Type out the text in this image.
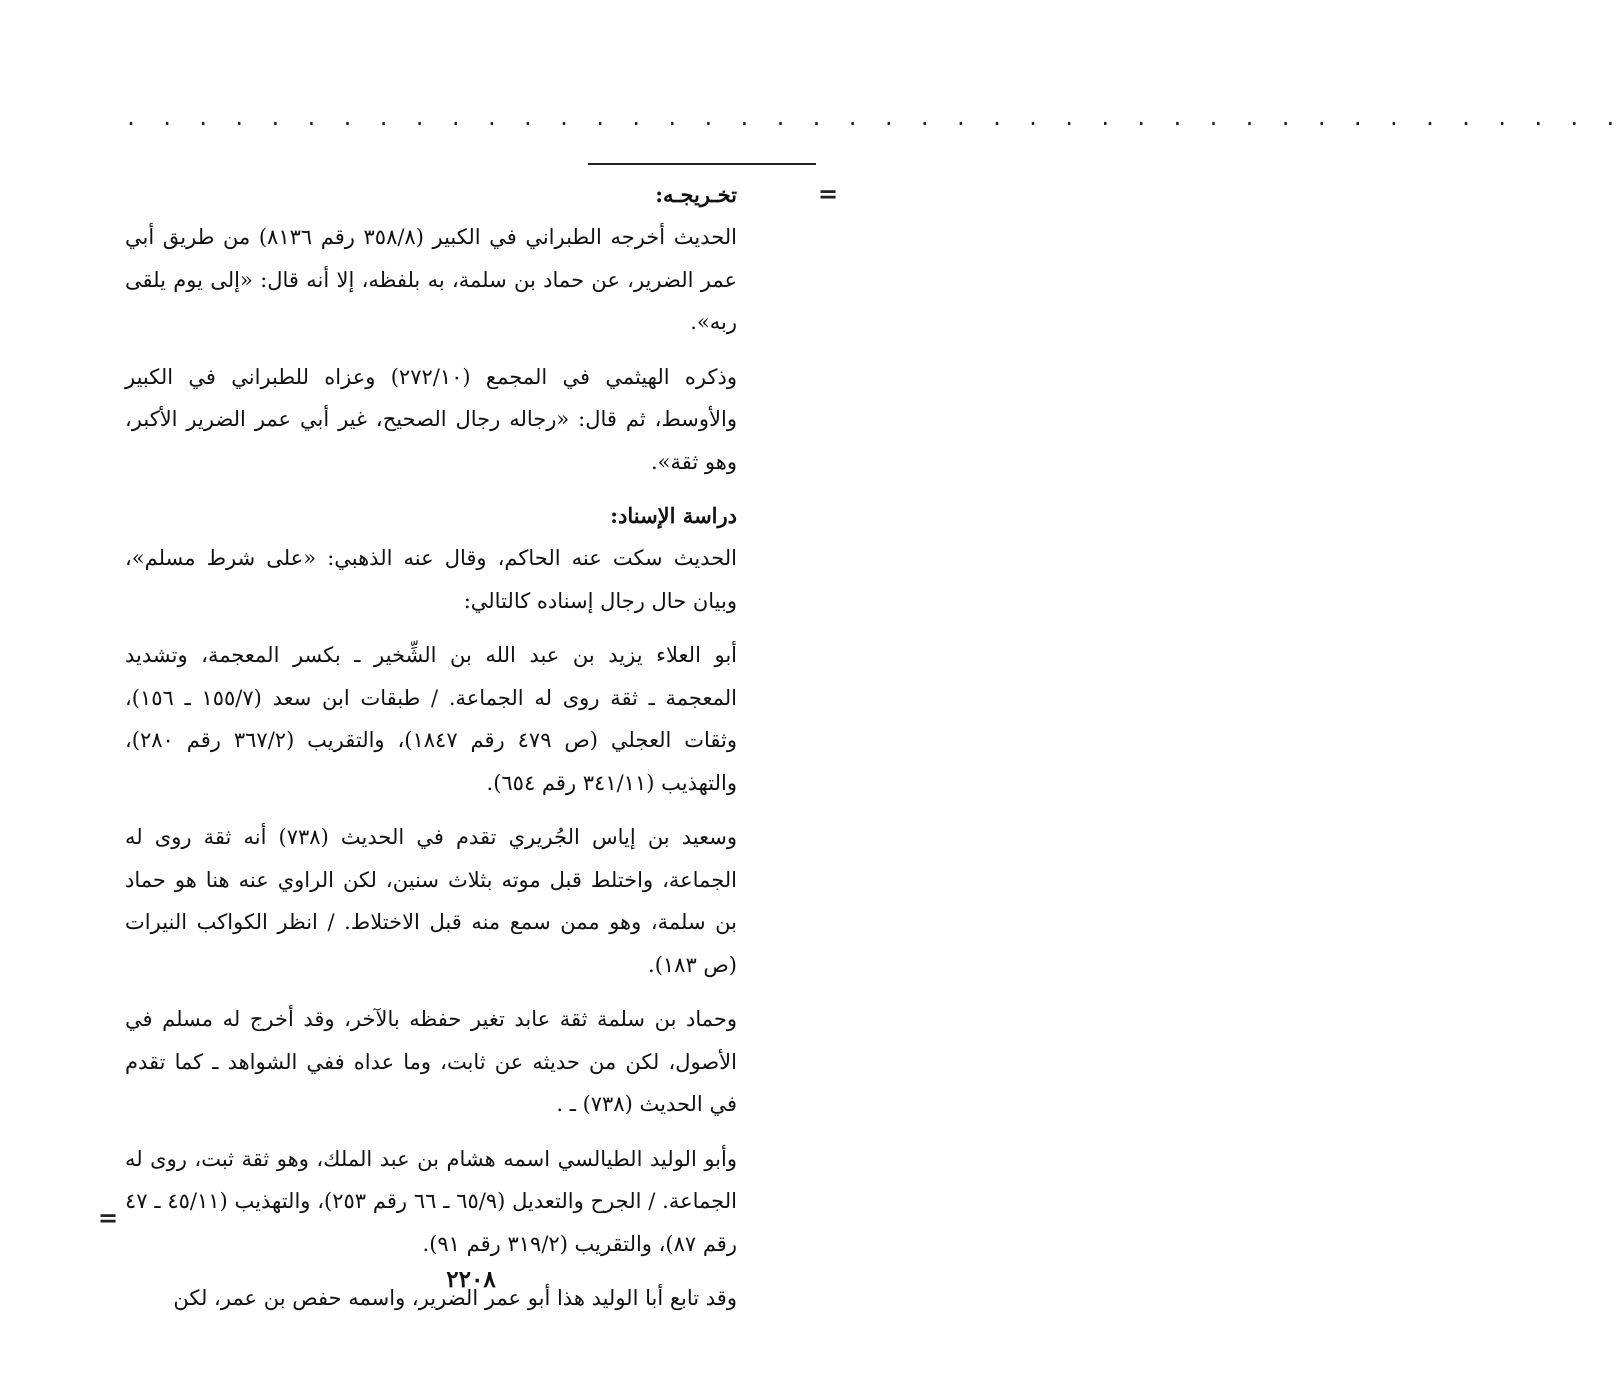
. . . . . . . . . . . . . . . . . . . . . . . . . . . . . . . . . . . . . . . . . .
=
=
تخـريجـه:

الحديث أخرجه الطبراني في الكبير (٣٥٨/٨ رقم ٨١٣٦) من طريق أبي عمر الضرير، عن حماد بن سلمة، به بلفظه، إلا أنه قال: «إلى يوم يلقى ربه».

وذكره الهيثمي في المجمع (٢٧٢/١٠) وعزاه للطبراني في الكبير والأوسط، ثم قال: «رجاله رجال الصحيح، غير أبي عمر الضرير الأكبر، وهو ثقة».

دراسة الإسناد:

الحديث سكت عنه الحاكم، وقال عنه الذهبي: «على شرط مسلم»، وبيان حال رجال إسناده كالتالي:

أبو العلاء يزيد بن عبد الله بن الشِّخير ـ بكسر المعجمة، وتشديد المعجمة ـ ثقة روى له الجماعة. / طبقات ابن سعد (١٥٥/٧ ـ ١٥٦)، وثقات العجلي (ص ٤٧٩ رقم ١٨٤٧)، والتقريب (٣٦٧/٢ رقم ٢٨٠)، والتهذيب (٣٤١/١١ رقم ٦٥٤).

وسعيد بن إياس الجُريري تقدم في الحديث (٧٣٨) أنه ثقة روى له الجماعة، واختلط قبل موته بثلاث سنين، لكن الراوي عنه هنا هو حماد بن سلمة، وهو ممن سمع منه قبل الاختلاط. / انظر الكواكب النيرات (ص ١٨٣).

وحماد بن سلمة ثقة عابد تغير حفظه بالآخر، وقد أخرج له مسلم في الأصول، لكن من حديثه عن ثابت، وما عداه ففي الشواهد ـ كما تقدم في الحديث (٧٣٨) ـ .

وأبو الوليد الطيالسي اسمه هشام بن عبد الملك، وهو ثقة ثبت، روى له الجماعة. / الجرح والتعديل (٦٥/٩ ـ ٦٦ رقم ٢٥٣)، والتهذيب (٤٥/١١ ـ ٤٧ رقم ٨٧)، والتقريب (٣١٩/٢ رقم ٩١).

وقد تابع أبا الوليد هذا أبو عمر الضرير، واسمه حفص بن عمر، لكن

٢٢٠٨
